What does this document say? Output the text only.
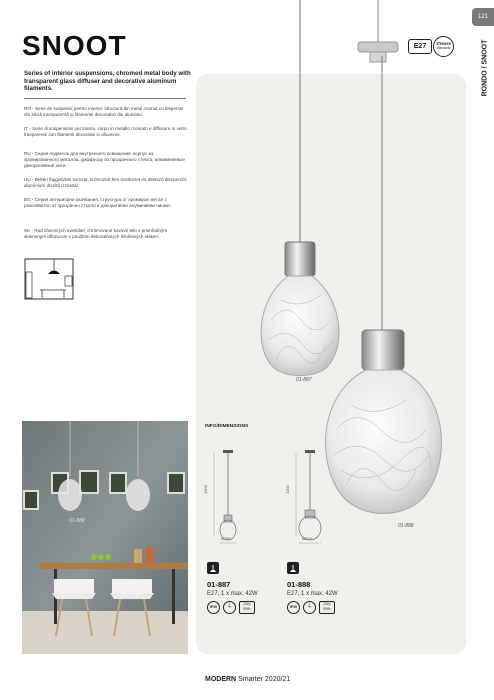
121
RONDO / SNOOT
SNOOT	E27	2Years
Warranty
Series of interior suspensions, chromed metal body with transparent glass diffuser and decorative aluminum filaments.
RO - Serie de suspensii pentru interior, structură din metal cromat cu dispersor din sticlă transparentă și filamente decorative din aluminiu.
IT - Serie di sospensioni per interni, corpo in metallo cromato e diffusore in vetro trasparente con filamenti decorativi in alluminio.
RU - Серия подвесок для внутреннего освещения, корпус из хромированного металла, диффузор из прозрачного стекла, алюминиевые декоративные нити.
HU - Beltéri függesztés sorozat, krómozott fém szerkezet és áttetsző diszperzór, alumínium díszítő izzószál.
BG - Серия интериорни окачвания, структура от хромиран метал с разсейвател от прозрачно стъкло и декоративни алуминиеви нишки.
SK - Rad závesných svietidiel, chrómované kovové telo s priehľadným sklenenym difúzorom s použitím dekoratívnych hliníkových vláken.
01-887
01-888
01-888
INFO/DIMENSIONS
1300
Ø150
1300
Ø200
01-887
E27, 1 x max. 42W
IP20	⏚	230V
50Hz
01-888
E27, 1 x max. 42W
IP20	⏚	230V
50Hz
MODERN Smarter 2020/21
